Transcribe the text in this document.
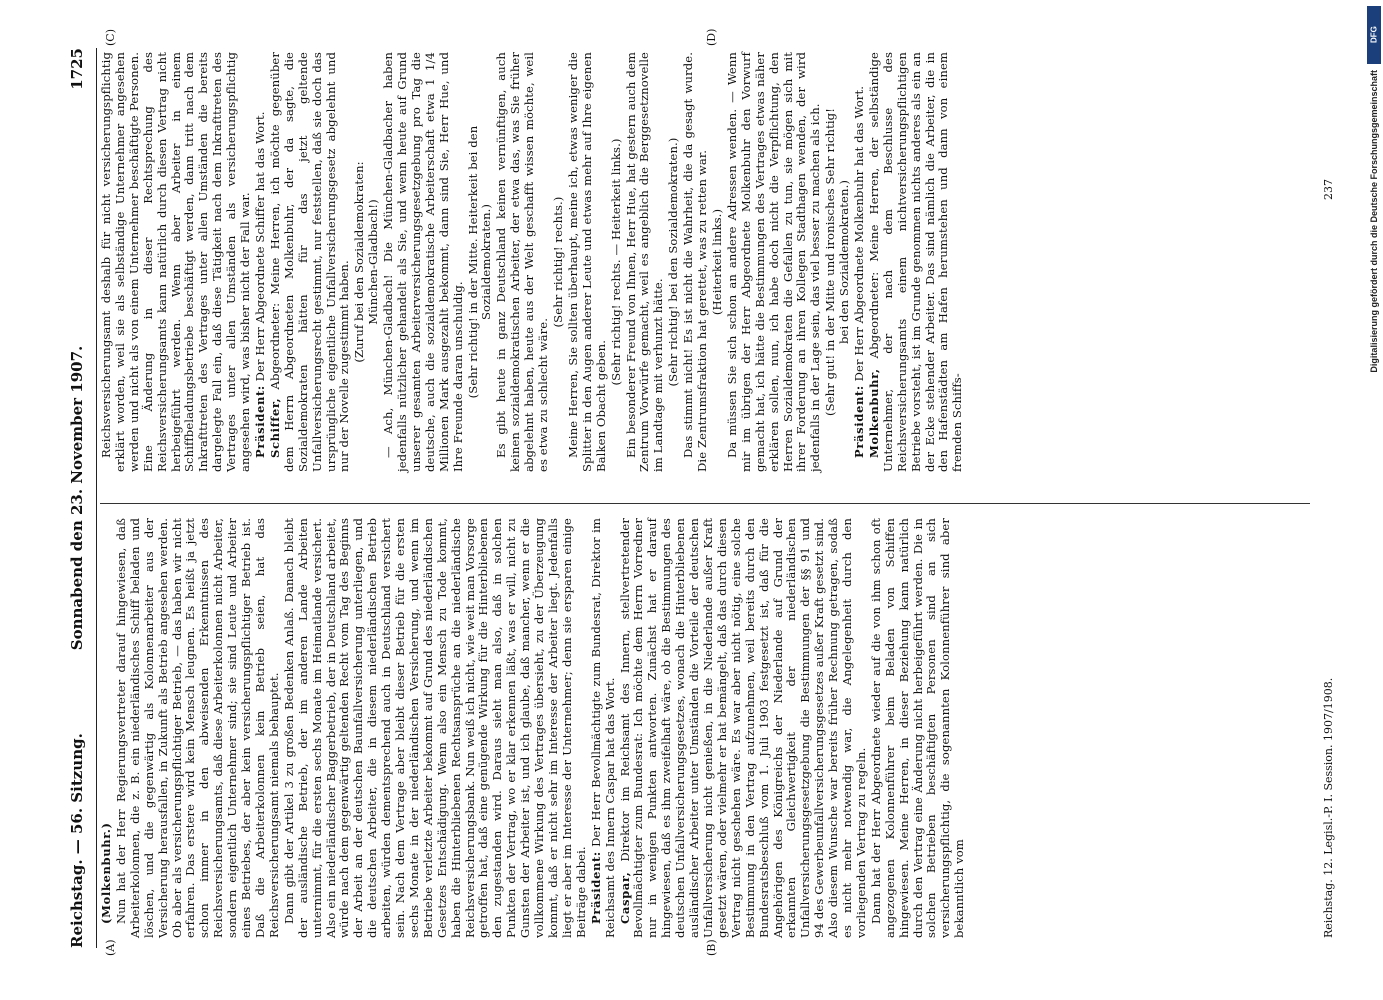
Reichstag. — 56. Sitzung.
Sonnabend den 23. November 1907.
1725
(A)	(B)
(C)	(D)

(Molkenbuhr.) Nun hat der Herr Regierungsvertreter darauf hingewiesen, daß Arbeiterkolonnen, die z. B. ein niederländisches Schiff beladen und löschen, und die gegenwärtig als Kolonnenarbeiter aus der Versicherung herausfallen, in Zukunft als Betrieb angesehen werden. Ob aber als versicherungspflichtiger Betrieb, — das haben wir nicht erfahren. Das erstere wird kein Mensch leugnen. Es heißt ja jetzt schon immer in den abweisenden Erkenntnissen des Reichsversicherungsamts, daß diese Arbeiterkolonnen nicht Arbeiter, sondern eigentlich Unternehmer sind; sie sind Leute und Arbeiter eines Betriebes, der aber kein versicherungspflichtiger Betrieb ist. Daß die Arbeiterkolonnen kein Betrieb seien, hat das Reichsversicherungsamt niemals behauptet. Dann gibt der Artikel 3 zu großen Bedenken Anlaß. Danach bleibt der ausländische Betrieb, der im anderen Lande Arbeiten unternimmt, für die ersten sechs Monate im Heimatlande versichert. Also ein niederländischer Baggerbetrieb, der in Deutschland arbeitet, würde nach dem gegenwärtig geltenden Recht vom Tag des Beginns der Arbeit an der deutschen Baunfallversicherung unterliegen, und die deutschen Arbeiter, die in diesem niederländischen Betrieb arbeiten, würden dementsprechend auch in Deutschland versichert sein. Nach dem Vertrage aber bleibt dieser Betrieb für die ersten sechs Monate in der niederländischen Versicherung, und wenn im Betriebe verletzte Arbeiter bekommt auf Grund des niederländischen Gesetzes Entschädigung. Wenn also ein Mensch zu Tode kommt, haben die Hinterbliebenen Rechtsansprüche an die niederländische Reichsversicherungsbank. Nun weiß ich nicht, wie weit man Vorsorge getroffen hat, daß eine genügende Wirkung für die Hinterbliebenen den zugestanden wird. Daraus sieht man also, daß in solchen Punkten der Vertrag, wo er klar erkennen läßt, was er will, nicht zu Gunsten der Arbeiter ist, und ich glaube, daß mancher, wenn er die vollkommene Wirkung des Vertrages übersieht, zu der Überzeugung kommt, daß er nicht sehr im Interesse der Arbeiter liegt. Jedenfalls liegt er aber im Interesse der Unternehmer; denn sie ersparen einige Beiträge dabei. Präsident: Der Herr Bevollmächtigte zum Bundesrat, Direktor im Reichsamt des Innern Caspar hat das Wort. Caspar, Direktor im Reichsamt des Innern, stellvertretender Bevollmächtigter zum Bundesrat: Ich möchte dem Herrn Vorredner nur in wenigen Punkten antworten. Zunächst hat er darauf hingewiesen, daß es ihm zweifelhaft wäre, ob die Bestimmungen des deutschen Unfallversicherungsgesetzes, wonach die Hinterbliebenen ausländischer Arbeiter unter Umständen die Vorteile der deutschen Unfallversicherung nicht genießen, in die Niederlande außer Kraft gesetzt wären, oder vielmehr er hat bemängelt, daß das durch diesen Vertrag nicht geschehen wäre. Es war aber nicht nötig, eine solche Bestimmung in den Vertrag aufzunehmen, weil bereits durch den Bundesratsbeschluß vom 1. Juli 1903 festgesetzt ist, daß für die Angehörigen des Königreichs der Niederlande auf Grund der erkannten Gleichwertigkeit der niederländischen Unfallversicherungsgesetzgebung die Bestimmungen der §§ 91 und 94 des Gewerbeunfallversicherungsgesetzes außer Kraft gesetzt sind. Also diesem Wunsche war bereits früher Rechnung getragen, sodaß es nicht mehr notwendig war, die Angelegenheit durch den vorliegenden Vertrag zu regeln. Dann hat der Herr Abgeordnete wieder auf die von ihm schon oft angezogenen Kolonnenführer beim Beladen von Schiffen hingewiesen. Meine Herren, in dieser Beziehung kann natürlich durch den Vertrag eine Änderung nicht herbeigeführt werden. Die in solchen Betrieben beschäftigten Personen sind an sich versicherungspflichtig, die sogenannten Kolonnenführer sind aber bekanntlich vom

Reichsversicherungsamt deshalb für nicht versicherungspflichtig erklärt worden, weil sie als selbständige Unternehmer angesehen werden und nicht als von einem Unternehmer beschäftigte Personen. Eine Änderung in dieser Rechtsprechung des Reichsversicherungsamts kann natürlich durch diesen Vertrag nicht herbeigeführt werden. Wenn aber Arbeiter in einem Schiffbeladungsbetriebe beschäftigt werden, dann tritt nach dem Inkrafttreten des Vertrages unter allen Umständen die bereits dargelegte Fall ein, daß diese Tätigkeit nach dem Inkrafttreten des Vertrages unter allen Umständen als versicherungspflichtig angesehen wird, was bisher nicht der Fall war. Präsident: Der Herr Abgeordnete Schiffer hat das Wort.

Schiffer, Abgeordneter: Meine Herren, ich möchte gegenüber dem Herrn Abgeordneten Molkenbuhr, der da sagte, die Sozialdemokraten hätten für das jetzt geltende Unfallversicherungsrecht gestimmt, nur feststellen, daß sie doch das ursprüngliche eigentliche Unfallversicherungsgesetz abgelehnt und nur der Novelle zugestimmt haben. (Zuruf bei den Sozialdemokraten:
München-Gladbach!) — Ach, München-Gladbach! Die München-Gladbacher haben jedenfalls nützlicher gehandelt als Sie, und wenn heute auf Grund unserer gesamten Arbeiterversicherungsgesetzgebung pro Tag die deutsche, auch die sozialdemokratische Arbeiterschaft etwa 1 1/4 Millionen Mark ausgezahlt bekommt, dann sind Sie, Herr Hue, und Ihre Freunde daran unschuldig. (Sehr richtig! in der Mitte. Heiterkeit bei den
Sozialdemokraten.) Es gibt heute in ganz Deutschland keinen vernünftigen, auch keinen sozialdemokratischen Arbeiter, der etwa das, was Sie früher abgelehnt haben, heute aus der Welt geschafft wissen möchte, weil es etwa zu schlecht wäre.

(Sehr richtig! rechts.) Meine Herren, Sie sollten überhaupt, meine ich, etwas weniger die Splitter in den Augen anderer Leute und etwas mehr auf Ihre eigenen Balken Obacht geben.

(Sehr richtig! rechts. — Heiterkeit links.) Ein besonderer Freund von Ihnen, Herr Hue, hat gestern auch dem Zentrum Vorwürfe gemacht, weil es angeblich die Berggesetznovelle im Landtage mit verhunzt hätte. (Sehr richtig! bei den Sozialdemokraten.) Das stimmt nicht! Es ist nicht die Wahrheit, die da gesagt wurde. Die Zentrumsfraktion hat gerettet, was zu retten war. (Heiterkeit links.) Da müssen Sie sich schon an andere Adressen wenden. — Wenn mir im übrigen der Herr Abgeordnete Molkenbuhr den Vorwurf gemacht hat, ich hätte die Bestimmungen des Vertrages etwas näher erklären sollen, nun, ich habe doch nicht die Verpflichtung, den Herren Sozialdemokraten die Gefallen zu tun, sie mögen sich mit ihrer Forderung an ihren Kollegen Stadthagen wenden, der wird jedenfalls in der Lage sein, das viel besser zu machen als ich. (Sehr gut! in der Mitte und ironisches Sehr richtig!
bei den Sozialdemokraten.)

Präsident: Der Herr Abgeordnete Molkenbuhr hat das Wort.

Molkenbuhr, Abgeordneter: Meine Herren, der selbständige Unternehmer, der nach dem Beschlusse des Reichsversicherungsamts einem nichtversicherungspflichtigen Betriebe vorsteht, ist im Grunde genommen nichts anderes als ein an der Ecke stehender Arbeiter. Das sind nämlich die Arbeiter, die in den Hafenstädten am Hafen herumstehen und dann von einem fremden Schiffs-

Reichstag. 12. Legisl.-P. I. Session. 1907/1908.
237
DFG
Digitalisierung gefördert durch die Deutsche Forschungsgemeinschaft
